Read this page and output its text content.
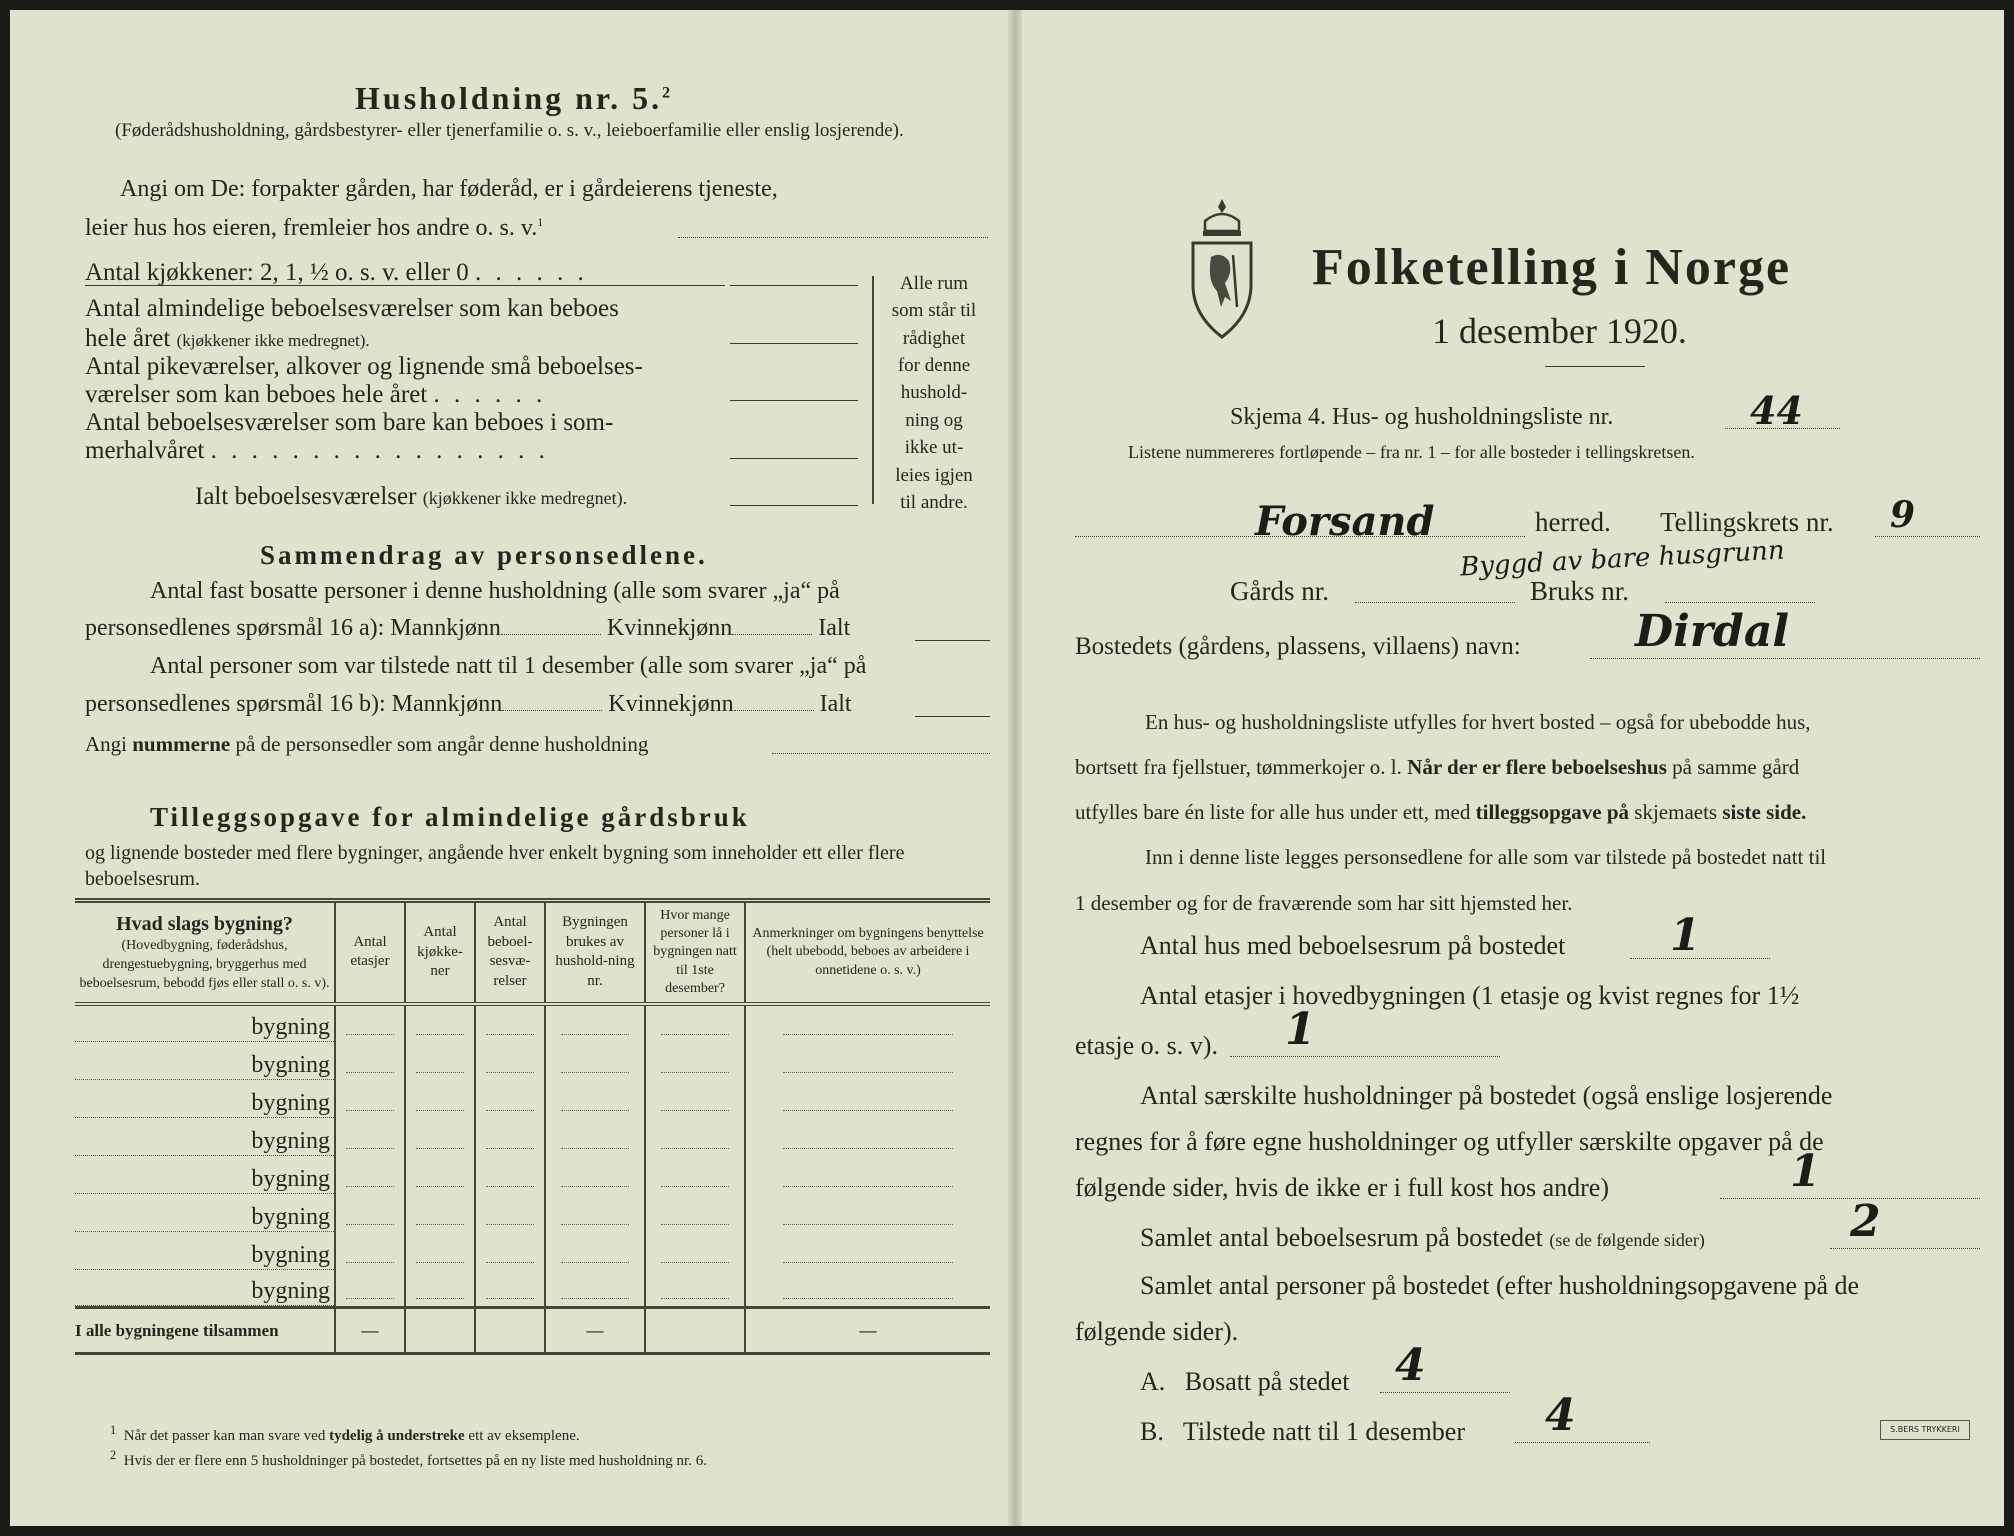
Husholdning nr. 5.$^2$
(Føderådshusholdning, gårdsbestyrer- eller tjenerfamilie o. s. v., leieboerfamilie eller enslig losjerende).
Angi om De: forpakter gården, har føderåd, er i gårdeierens tjeneste,
leier hus hos eieren, fremleier hos andre o. s. v.$^1$
Antal kjøkkener: 2, 1, ½ o. s. v. eller 0 . . . . . .
Antal almindelige beboelsesværelser som kan beboes
hele året (kjøkkener ikke medregnet).
Antal pikeværelser, alkover og lignende små beboelses-
værelser som kan beboes hele året . . . . . .
Antal beboelsesværelser som bare kan beboes i som-
merhalvåret . . . . . . . . . . . . . . . . .
Ialt beboelsesværelser (kjøkkener ikke medregnet).
Alle rum
som står til
rådighet
for denne
hushold-
ning og
ikke ut-
leies igjen
til andre.
Sammendrag av personsedlene.
Antal fast bosatte personer i denne husholdning (alle som svarer „ja“ på
personsedlenes spørsmål 16 a): Mannkjønn	Kvinnekjønn	Ialt
Antal personer som var tilstede natt til 1 desember (alle som svarer „ja“ på
personsedlenes spørsmål 16 b): Mannkjønn	Kvinnekjønn	Ialt
Angi nummerne på de personsedler som angår denne husholdning
Tilleggsopgave for almindelige gårdsbruk
og lignende bosteder med flere bygninger, angående hver enkelt bygning som inneholder ett eller flere beboelsesrum.
Hvad slags bygning?
(Hovedbygning, føderådshus, drengestuebygning, bryggerhus med beboelsesrum, bebodd fjøs eller stall o. s. v).	Antal etasjer	Antal kjøkke-ner	Antal beboel-sesvæ-relser	Bygningen brukes av hushold-ning nr.	Hvor mange personer lå i bygningen natt til 1ste desember?	Anmerkninger om bygningens benyttelse (helt ubebodd, beboes av arbeidere i onnetidene o. s. v.)
bygning						
bygning						
bygning						
bygning						
bygning						
bygning						
bygning						
bygning						
I alle bygningene tilsammen	—			—		—
$^1$ Når det passer kan man svare ved tydelig å understreke ett av eksemplene.
$^2$ Hvis der er flere enn 5 husholdninger på bostedet, fortsettes på en ny liste med husholdning nr. 6.
Folketelling i Norge
1 desember 1920.
Skjema 4. Hus- og husholdningsliste nr.	44
Listene nummereres fortløpende – fra nr. 1 – for alle bosteder i tellingskretsen.
Forsand	herred. Tellingskrets nr. 9
Byggd av bare husgrunn
Gårds nr.	Bruks nr.
Bostedets (gårdens, plassens, villaens) navn:	Dirdal
En hus- og husholdningsliste utfylles for hvert bosted – også for ubebodde hus,
bortsett fra fjellstuer, tømmerkojer o. l. Når der er flere beboelseshus på samme gård
utfylles bare én liste for alle hus under ett, med tilleggsopgave på skjemaets siste side.
Inn i denne liste legges personsedlene for alle som var tilstede på bostedet natt til
1 desember og for de fraværende som har sitt hjemsted her.
Antal hus med beboelsesrum på bostedet 1
Antal etasjer i hovedbygningen (1 etasje og kvist regnes for 1½
etasje o. s. v). 1
Antal særskilte husholdninger på bostedet (også enslige losjerende
regnes for å føre egne husholdninger og utfyller særskilte opgaver på de
følgende sider, hvis de ikke er i full kost hos andre)	1
Samlet antal beboelsesrum på bostedet (se de følgende sider)	2
Samlet antal personer på bostedet (efter husholdningsopgavene på de
følgende sider).
A. Bosatt på stedet 4
B. Tilstede natt til 1 desember 4	S.BERS TRYKKERI
